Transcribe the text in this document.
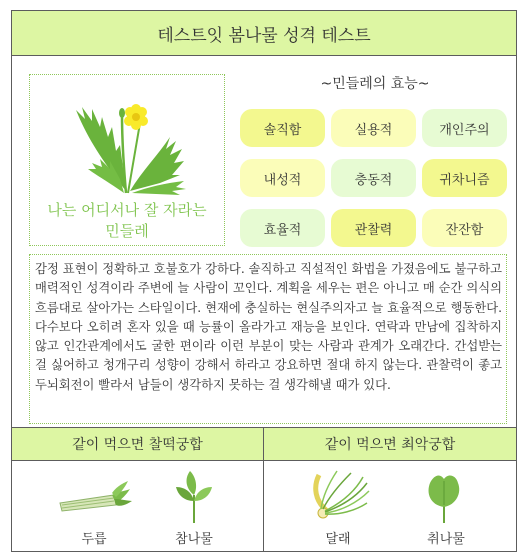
테스트잇 봄나물 성격 테스트
나는 어디서나 잘 자라는
민들레
~민들레의 효능~
솔직함	실용적	개인주의
내성적	충동적	귀차니즘
효율적	관찰력	잔잔함
감정 표현이 정확하고 호불호가 강하다. 솔직하고 직설적인 화법을 가졌음에도 불구하고 매력적인 성격이라 주변에 늘 사람이 꼬인다. 계획을 세우는 편은 아니고 매 순간 의식의 흐름대로 살아가는 스타일이다. 현재에 충실하는 현실주의자고 늘 효율적으로 행동한다. 다수보다 오히려 혼자 있을 때 능률이 올라가고 재능을 보인다. 연락과 만남에 집착하지 않고 인간관계에서도 굴한 편이라 이런 부분이 맞는 사람과 관계가 오래간다. 간섭받는 걸 싫어하고 청개구리 성향이 강해서 하라고 강요하면 절대 하지 않는다. 관찰력이 좋고 두뇌회전이 빨라서 남들이 생각하지 못하는 걸 생각해낼 때가 있다.
같이 먹으면 찰떡궁합
두릅	참나물
같이 먹으면 최악궁합
달래	취나물
